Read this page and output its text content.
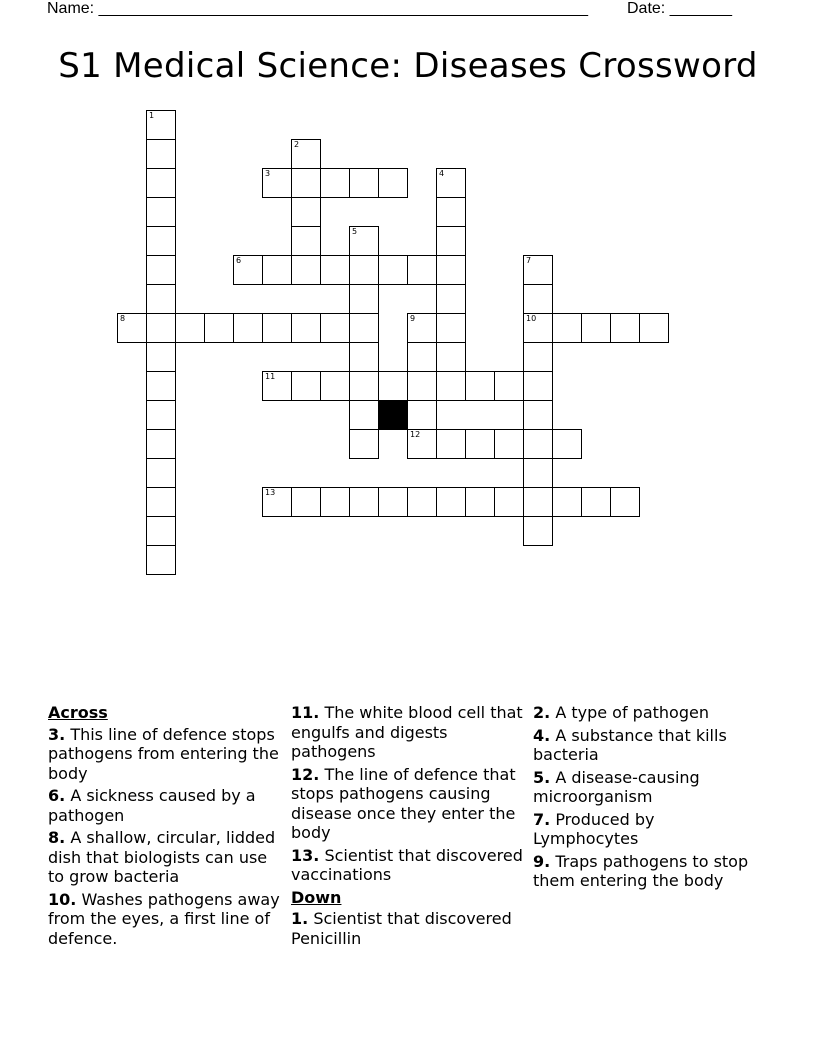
Name: _______________________________________________________ Date: _______
S1 Medical Science: Diseases Crossword
1
2
3	4
5
6	7
10
8	9
12
11
13
Across
3. This line of defence stops pathogens from entering the body
6. A sickness caused by a pathogen
8. A shallow, circular, lidded dish that biologists can use to grow bacteria
10. Washes pathogens away from the eyes, a first line of defence.
11. The white blood cell that engulfs and digests pathogens
12. The line of defence that stops pathogens causing disease once they enter the body
13. Scientist that discovered vaccinations
Down
1. Scientist that discovered Penicillin
2. A type of pathogen
4. A substance that kills bacteria
5. A disease-causing microorganism
7. Produced by Lymphocytes
9. Traps pathogens to stop them entering the body
